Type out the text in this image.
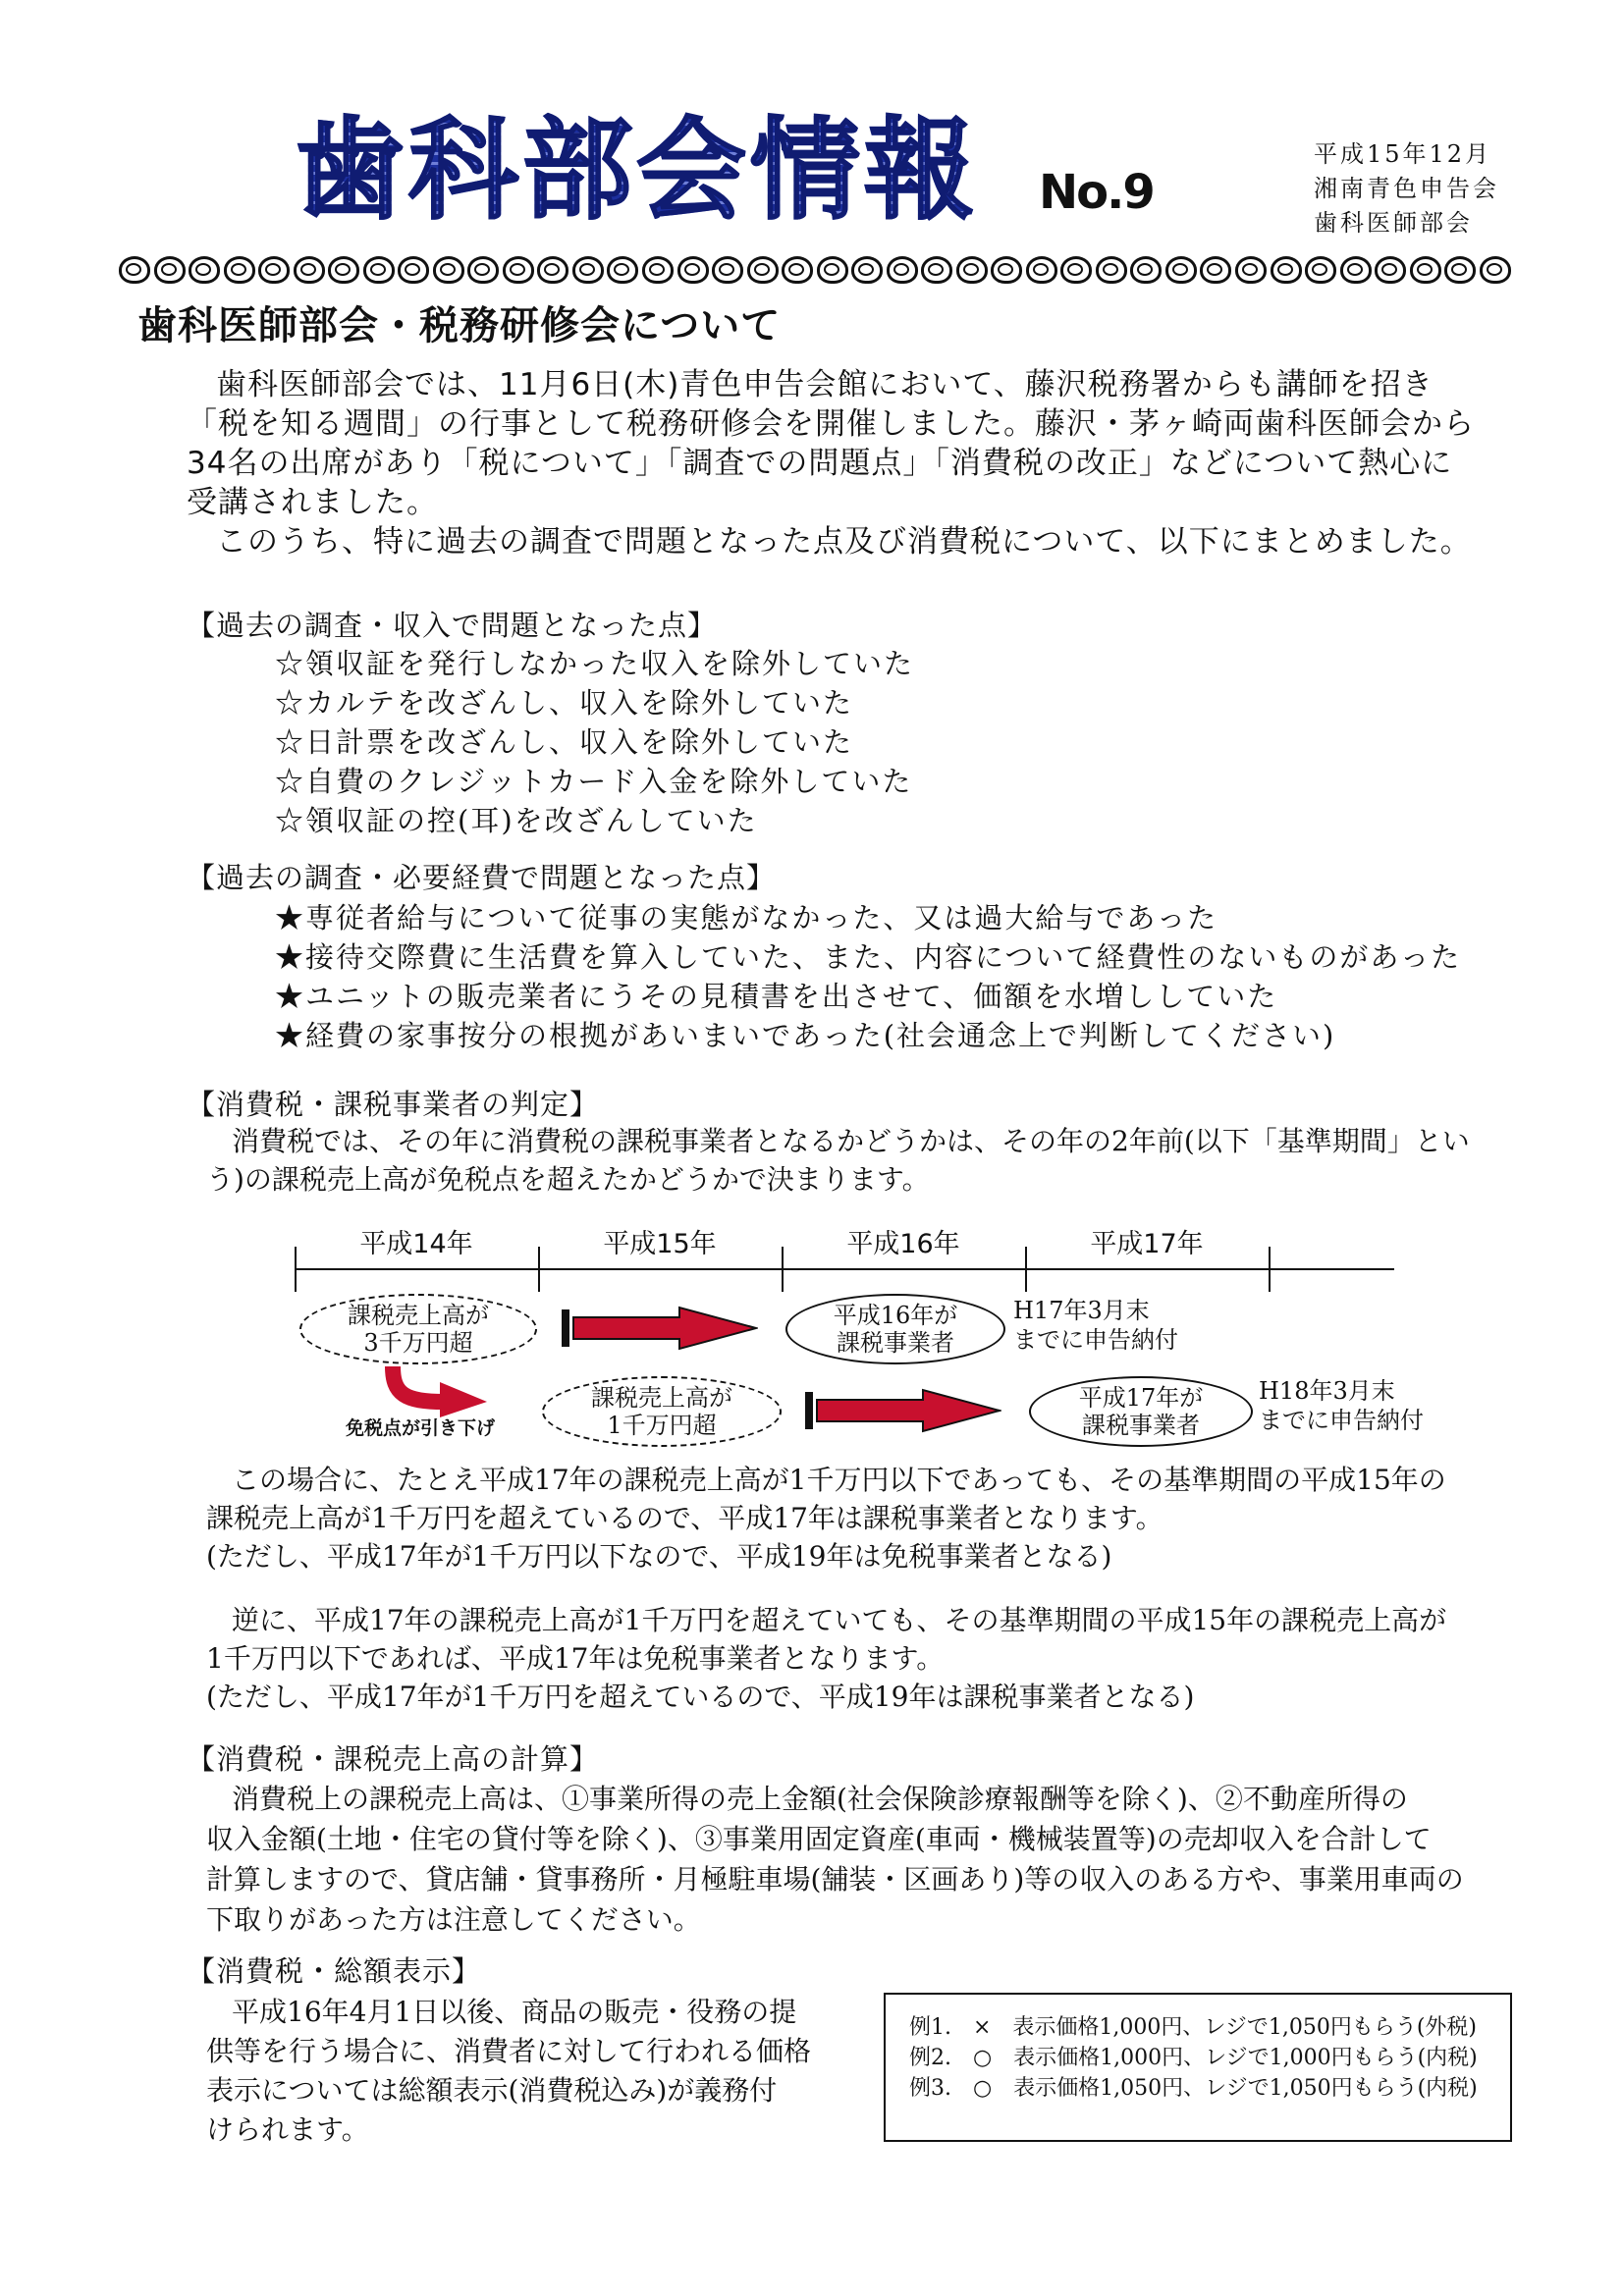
歯科部会情報 No.9
平成15年12月
湘南青色申告会
歯科医師部会
歯科医師部会・税務研修会について
歯科医師部会では、11月6日(木)青色申告会館において、藤沢税務署からも講師を招き
「税を知る週間」の行事として税務研修会を開催しました。藤沢・茅ヶ崎両歯科医師会から
34名の出席があり「税について」「調査での問題点」「消費税の改正」などについて熱心に
受講されました。
このうち、特に過去の調査で問題となった点及び消費税について、以下にまとめました。
【過去の調査・収入で問題となった点】
☆領収証を発行しなかった収入を除外していた
☆カルテを改ざんし、収入を除外していた
☆日計票を改ざんし、収入を除外していた
☆自費のクレジットカード入金を除外していた
☆領収証の控(耳)を改ざんしていた
【過去の調査・必要経費で問題となった点】
★専従者給与について従事の実態がなかった、又は過大給与であった
★接待交際費に生活費を算入していた、また、内容について経費性のないものがあった
★ユニットの販売業者にうその見積書を出させて、価額を水増ししていた
★経費の家事按分の根拠があいまいであった(社会通念上で判断してください)
【消費税・課税事業者の判定】
消費税では、その年に消費税の課税事業者となるかどうかは、その年の2年前(以下「基準期間」とい
う)の課税売上高が免税点を超えたかどうかで決まります。
平成14年	平成15年	平成16年	平成17年
課税売上高が
3千万円超
平成16年が
課税事業者
H17年3月末
までに申告納付
免税点が引き下げ
課税売上高が
1千万円超
平成17年が
課税事業者
H18年3月末
までに申告納付
この場合に、たとえ平成17年の課税売上高が1千万円以下であっても、その基準期間の平成15年の
課税売上高が1千万円を超えているので、平成17年は課税事業者となります。
(ただし、平成17年が1千万円以下なので、平成19年は免税事業者となる)
逆に、平成17年の課税売上高が1千万円を超えていても、その基準期間の平成15年の課税売上高が
1千万円以下であれば、平成17年は免税事業者となります。
(ただし、平成17年が1千万円を超えているので、平成19年は課税事業者となる)
【消費税・課税売上高の計算】
消費税上の課税売上高は、①事業所得の売上金額(社会保険診療報酬等を除く)、②不動産所得の
収入金額(土地・住宅の貸付等を除く)、③事業用固定資産(車両・機械装置等)の売却収入を合計して
計算しますので、貸店舗・貸事務所・月極駐車場(舗装・区画あり)等の収入のある方や、事業用車両の
下取りがあった方は注意してください。
【消費税・総額表示】
平成16年4月1日以後、商品の販売・役務の提
供等を行う場合に、消費者に対して行われる価格
表示については総額表示(消費税込み)が義務付
けられます。
例1.　×　表示価格1,000円、レジで1,050円もらう(外税)
例2.　○　表示価格1,000円、レジで1,000円もらう(内税)
例3.　○　表示価格1,050円、レジで1,050円もらう(内税)
